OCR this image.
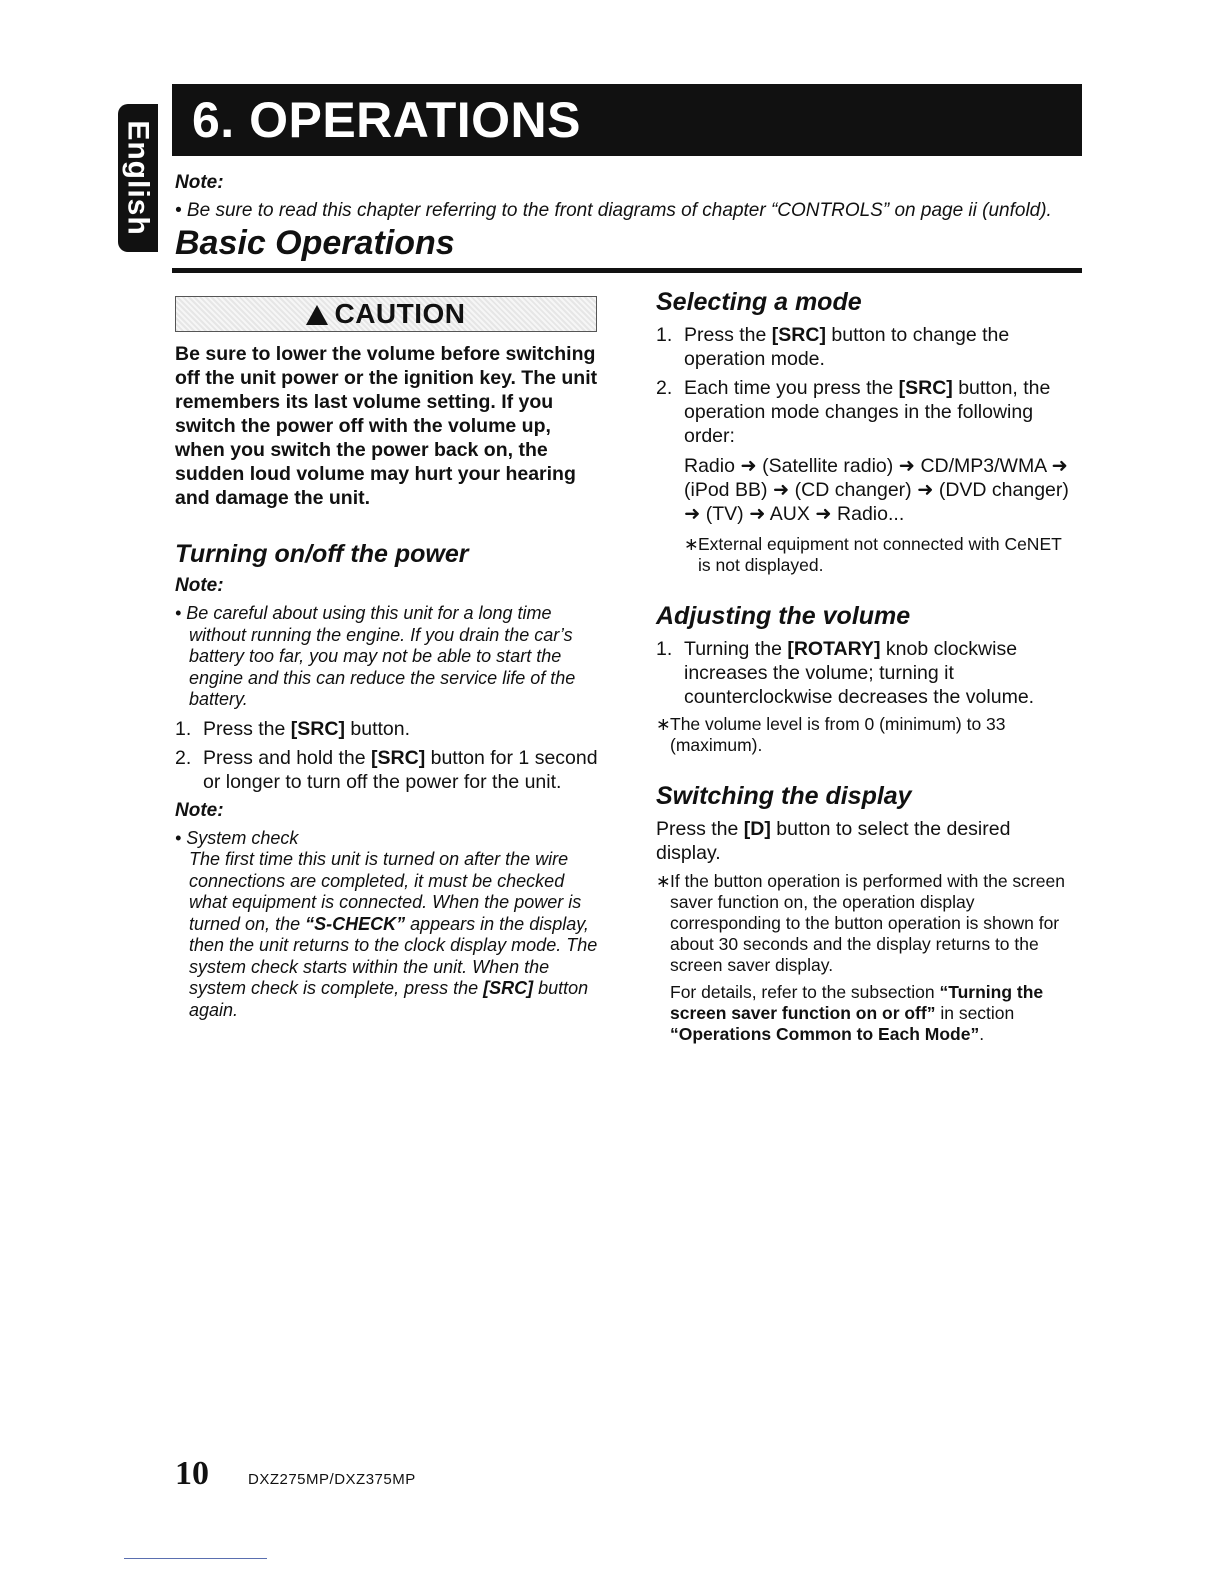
English
6. OPERATIONS
Note:

• Be sure to read this chapter referring to the front diagrams of chapter “CONTROLS” on page ii (unfold).

Basic Operations
CAUTION

Be sure to lower the volume before switching off the unit power or the ignition key. The unit remembers its last volume setting. If you switch the power off with the volume up, when you switch the power back on, the sudden loud volume may hurt your hearing and damage the unit.

Turning on/off the power
Note:

• Be careful about using this unit for a long time without running the engine. If you drain the car’s battery too far, you may not be able to start the engine and this can reduce the service life of the battery.

1. Press the [SRC] button.
2. Press and hold the [SRC] button for 1 second or longer to turn off the power for the unit.
Note:

• System check

The first time this unit is turned on after the wire connections are completed, it must be checked what equipment is connected. When the power is turned on, the “S-CHECK” appears in the display, then the unit returns to the clock display mode. The system check starts within the unit. When the system check is complete, press the [SRC] button again.

Selecting a mode
1. Press the [SRC] button to change the operation mode.
2. Each time you press the [SRC] button, the operation mode changes in the following order:
Radio ➜ (Satellite radio) ➜ CD/MP3/WMA ➜ (iPod BB) ➜ (CD changer) ➜ (DVD changer) ➜ (TV) ➜ AUX ➜ Radio...
∗ External equipment not connected with CeNET is not displayed.
Adjusting the volume
1. Turning the [ROTARY] knob clockwise increases the volume; turning it counterclockwise decreases the volume.
∗ The volume level is from 0 (minimum) to 33 (maximum).
Switching the display
Press the [D] button to select the desired display.
∗ If the button operation is performed with the screen saver function on, the operation display corresponding to the button operation is shown for about 30 seconds and the display returns to the screen saver display.
For details, refer to the subsection “Turning the screen saver function on or off” in section “Operations Common to Each Mode”.
10	DXZ275MP/DXZ375MP
